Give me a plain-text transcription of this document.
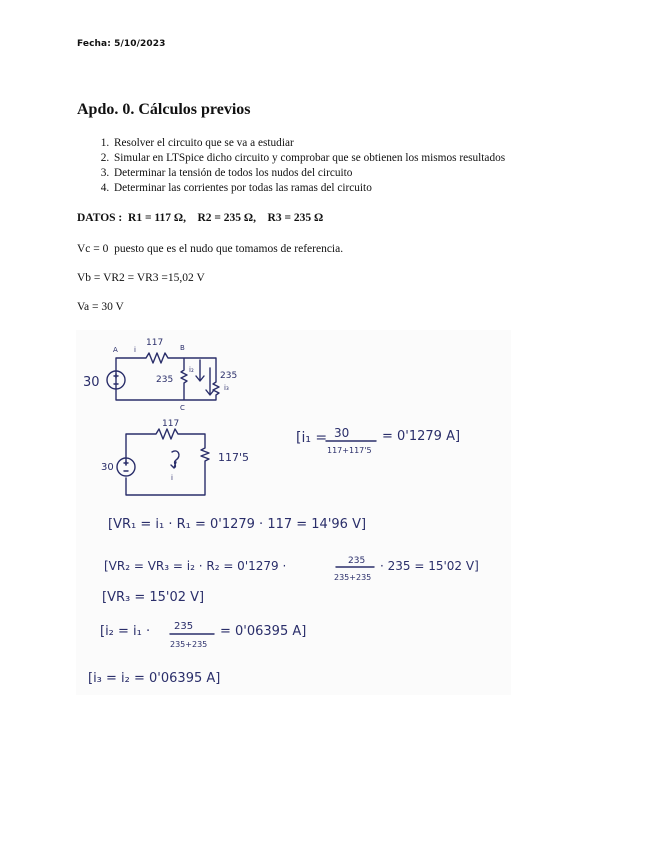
Fecha: 5/10/2023
Apdo. 0. Cálculos previos
1. Resolver el circuito que se va a estudiar
2. Simular en LTSpice dicho circuito y comprobar que se obtienen los mismos resultados
3. Determinar la tensión de todos los nudos del circuito
4. Determinar las corrientes por todas las ramas del circuito
DATOS :  R1 = 117 Ω,    R2 = 235 Ω,    R3 = 235 Ω
Vc = 0  puesto que es el nudo que tomamos de referencia.
Vb = VR2 = VR3 =15,02 V
Va = 30 V
30
117
A	B
C
i
235	235
i₂
i₃
117
30
117'5
i
[i₁ = 30
117+117'5
= 0'1279 A]
[VR₁ = i₁ · R₁ = 0'1279 · 117 = 14'96 V]
[VR₂ = VR₃ = i₂ · R₂ = 0'1279 ·	235
235+235
· 235 = 15'02 V]
[VR₃ = 15'02 V]
[i₂ = i₁ · 235
235+235
= 0'06395 A]
[i₃ = i₂ = 0'06395 A]
